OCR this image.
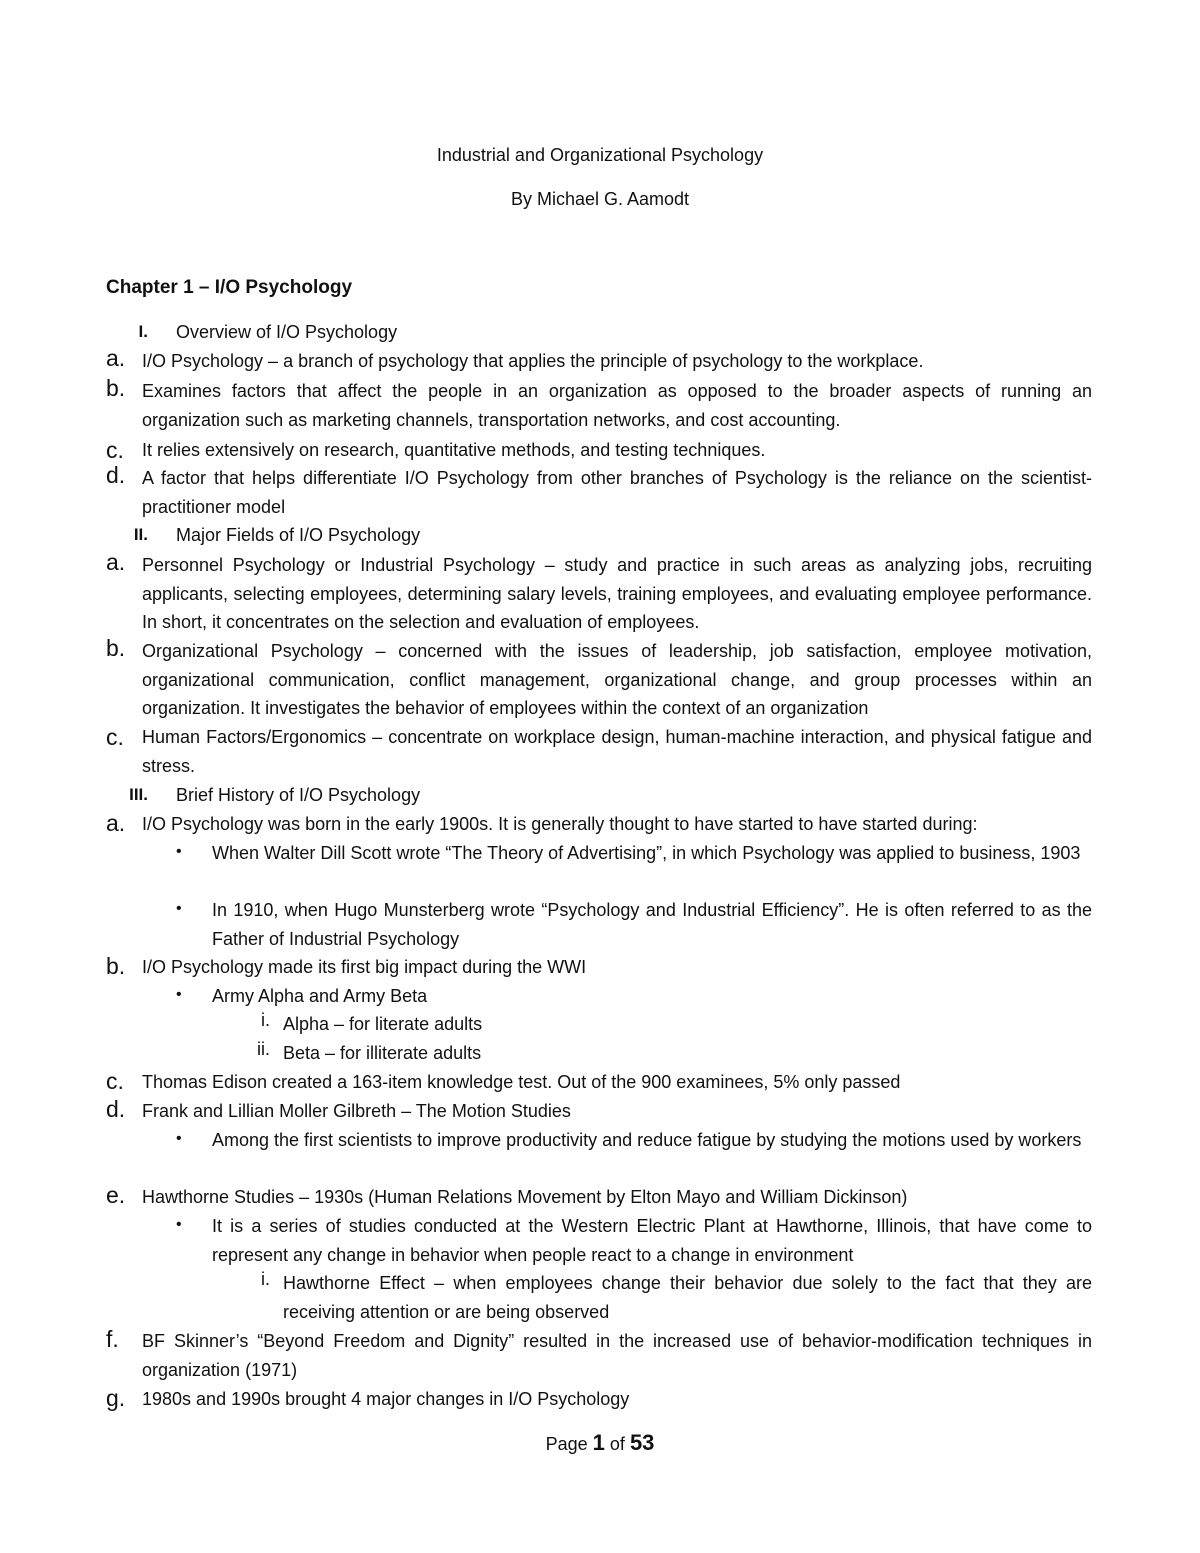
Industrial and Organizational Psychology
By Michael G. Aamodt
Chapter 1 – I/O Psychology
I. Overview of I/O Psychology
a. I/O Psychology – a branch of psychology that applies the principle of psychology to the workplace.
b. Examines factors that affect the people in an organization as opposed to the broader aspects of running an organization such as marketing channels, transportation networks, and cost accounting.
c. It relies extensively on research, quantitative methods, and testing techniques.
d. A factor that helps differentiate I/O Psychology from other branches of Psychology is the reliance on the scientist-practitioner model
II. Major Fields of I/O Psychology
a. Personnel Psychology or Industrial Psychology – study and practice in such areas as analyzing jobs, recruiting applicants, selecting employees, determining salary levels, training employees, and evaluating employee performance. In short, it concentrates on the selection and evaluation of employees.
b. Organizational Psychology – concerned with the issues of leadership, job satisfaction, employee motivation, organizational communication, conflict management, organizational change, and group processes within an organization. It investigates the behavior of employees within the context of an organization
c. Human Factors/Ergonomics – concentrate on workplace design, human-machine interaction, and physical fatigue and stress.
III. Brief History of I/O Psychology
a. I/O Psychology was born in the early 1900s. It is generally thought to have started to have started during:
• When Walter Dill Scott wrote “The Theory of Advertising”, in which Psychology was applied to business, 1903
• In 1910, when Hugo Munsterberg wrote “Psychology and Industrial Efficiency”. He is often referred to as the Father of Industrial Psychology
b. I/O Psychology made its first big impact during the WWI
• Army Alpha and Army Beta
i. Alpha – for literate adults
ii. Beta – for illiterate adults
c. Thomas Edison created a 163-item knowledge test. Out of the 900 examinees, 5% only passed
d. Frank and Lillian Moller Gilbreth – The Motion Studies
• Among the first scientists to improve productivity and reduce fatigue by studying the motions used by workers
e. Hawthorne Studies – 1930s (Human Relations Movement by Elton Mayo and William Dickinson)
• It is a series of studies conducted at the Western Electric Plant at Hawthorne, Illinois, that have come to represent any change in behavior when people react to a change in environment
i. Hawthorne Effect – when employees change their behavior due solely to the fact that they are receiving attention or are being observed
f. BF Skinner’s “Beyond Freedom and Dignity” resulted in the increased use of behavior-modification techniques in organization (1971)
g. 1980s and 1990s brought 4 major changes in I/O Psychology
Page 1 of 53
